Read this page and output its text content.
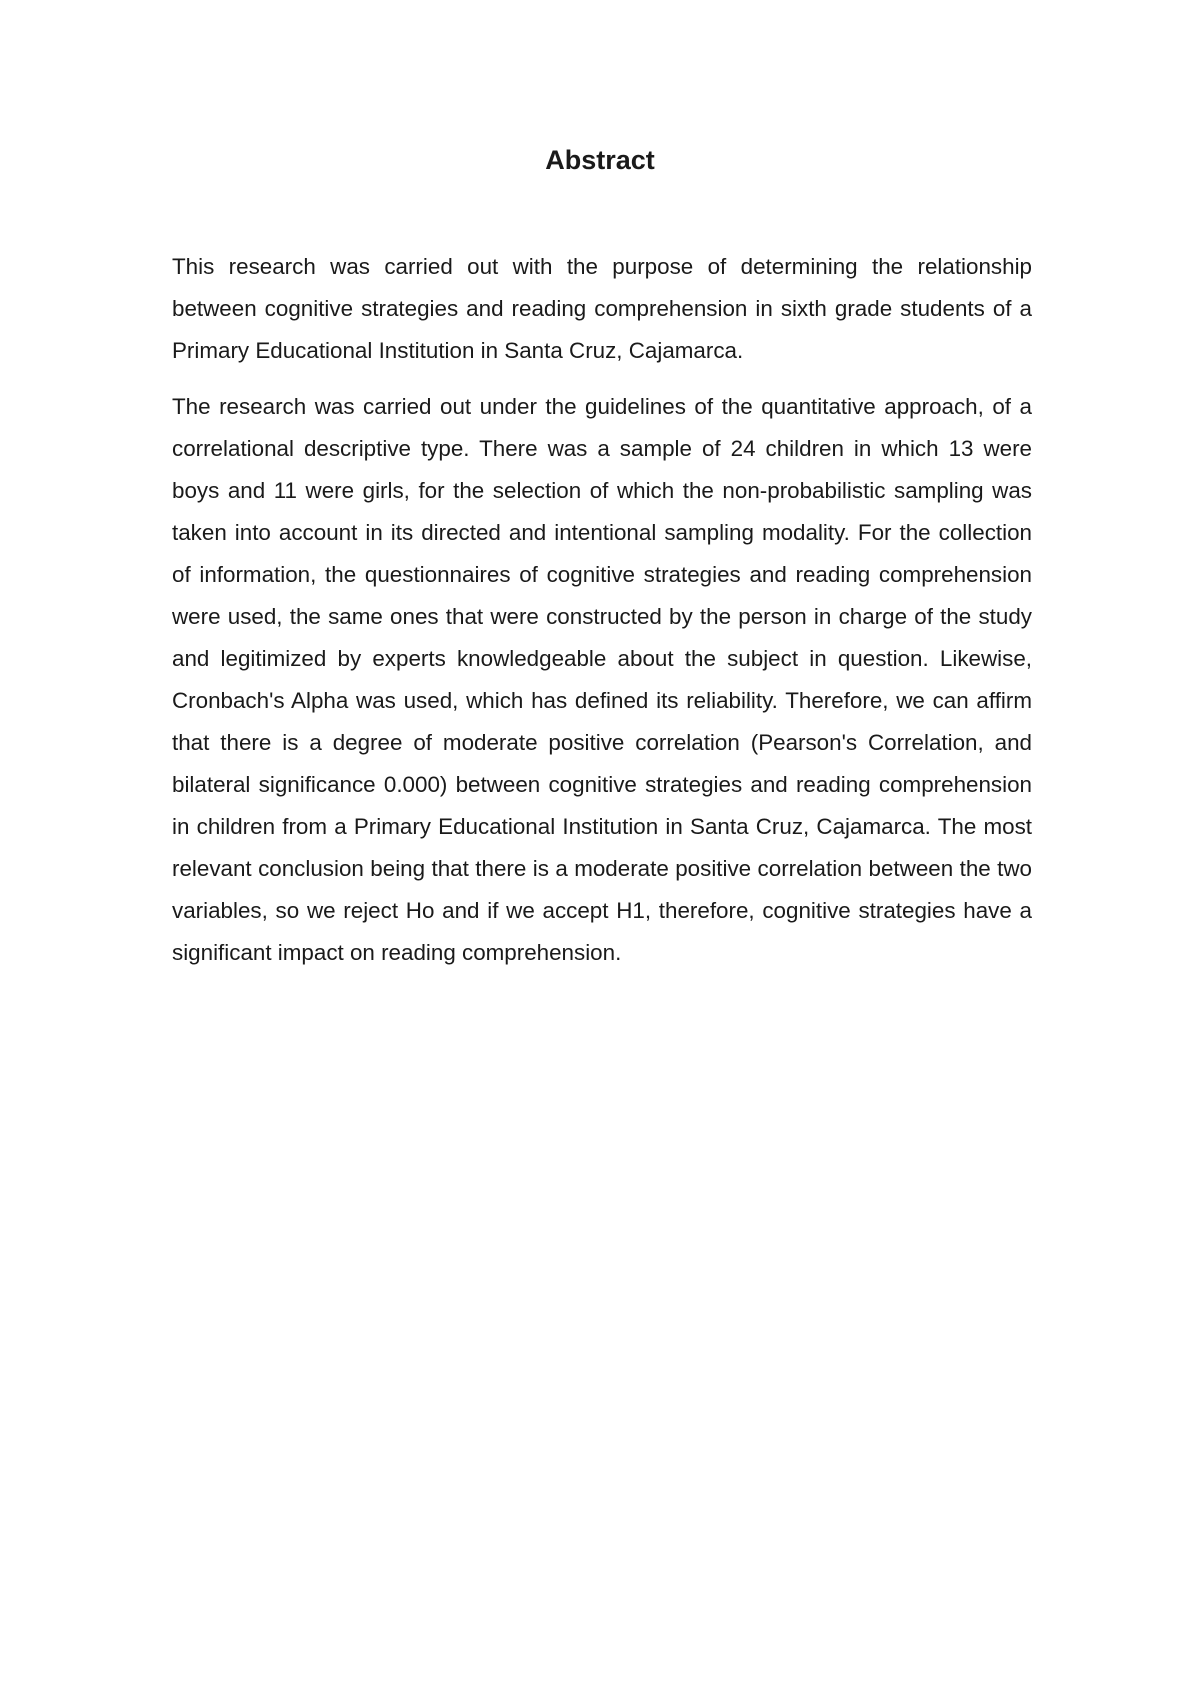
Abstract

This research was carried out with the purpose of determining the relationship between cognitive strategies and reading comprehension in sixth grade students of a Primary Educational Institution in Santa Cruz, Cajamarca.

The research was carried out under the guidelines of the quantitative approach, of a correlational descriptive type. There was a sample of 24 children in which 13 were boys and 11 were girls, for the selection of which the non-probabilistic sampling was taken into account in its directed and intentional sampling modality. For the collection of information, the questionnaires of cognitive strategies and reading comprehension were used, the same ones that were constructed by the person in charge of the study and legitimized by experts knowledgeable about the subject in question. Likewise, Cronbach's Alpha was used, which has defined its reliability. Therefore, we can affirm that there is a degree of moderate positive correlation (Pearson's Correlation, and bilateral significance 0.000) between cognitive strategies and reading comprehension in children from a Primary Educational Institution in Santa Cruz, Cajamarca. The most relevant conclusion being that there is a moderate positive correlation between the two variables, so we reject Ho and if we accept H1, therefore, cognitive strategies have a significant impact on reading comprehension.
